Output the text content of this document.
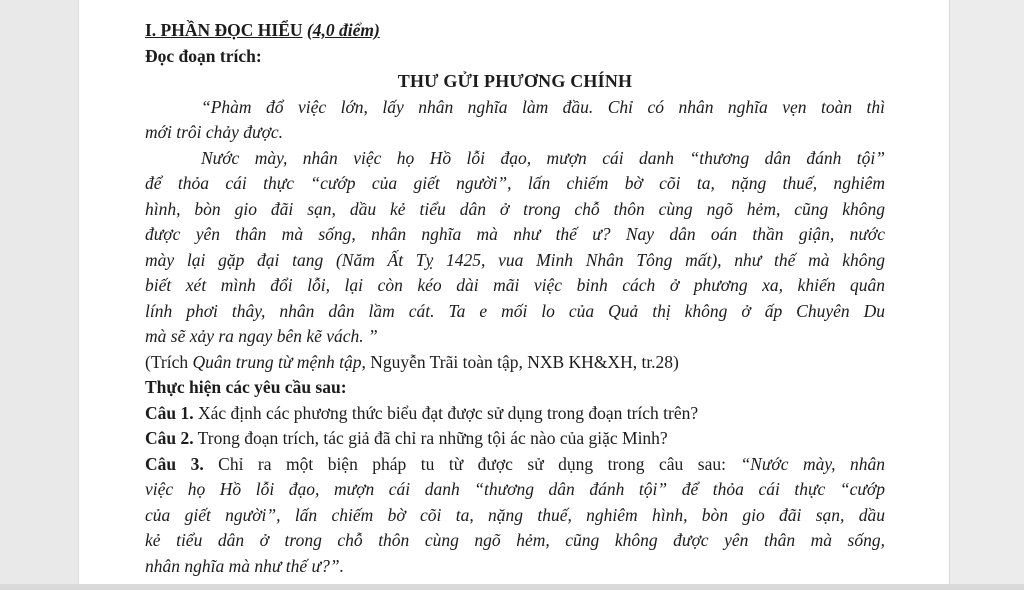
I. PHẦN ĐỌC HIỂU (4,0 điểm)

Đọc đoạn trích:

THƯ GỬI PHƯƠNG CHÍNH

“Phàm đổ việc lớn, lấy nhân nghĩa làm đầu. Chỉ có nhân nghĩa vẹn toàn thì

mới trôi chảy được.

Nước mày, nhân việc họ Hồ lỗi đạo, mượn cái danh “thương dân đánh tội”

để thỏa cái thực “cướp của giết người”, lấn chiếm bờ cõi ta, nặng thuế, nghiêm

hình, bòn gio đãi sạn, dầu kẻ tiểu dân ở trong chỗ thôn cùng ngõ hẻm, cũng không

được yên thân mà sống, nhân nghĩa mà như thế ư? Nay dân oán thần giận, nước

mày lại gặp đại tang (Năm Ất Tỵ 1425, vua Minh Nhân Tông mất), như thế mà không

biết xét mình đổi lỗi, lại còn kéo dài mãi việc binh cách ở phương xa, khiến quân

lính phơi thây, nhân dân lầm cát. Ta e mối lo của Quả thị không ở ấp Chuyên Du

mà sẽ xảy ra ngay bên kẽ vách. ”

(Trích Quân trung từ mệnh tập, Nguyễn Trãi toàn tập, NXB KH&XH, tr.28)

Thực hiện các yêu cầu sau:

Câu 1. Xác định các phương thức biểu đạt được sử dụng trong đoạn trích trên?

Câu 2. Trong đoạn trích, tác giả đã chỉ ra những tội ác nào của giặc Minh?

Câu 3. Chỉ ra một biện pháp tu từ được sử dụng trong câu sau: “Nước mày, nhân

việc họ Hồ lỗi đạo, mượn cái danh “thương dân đánh tội” để thỏa cái thực “cướp

của giết người”, lấn chiếm bờ cõi ta, nặng thuế, nghiêm hình, bòn gio đãi sạn, dầu

kẻ tiểu dân ở trong chỗ thôn cùng ngõ hẻm, cũng không được yên thân mà sống,

nhân nghĩa mà như thế ư?”.
